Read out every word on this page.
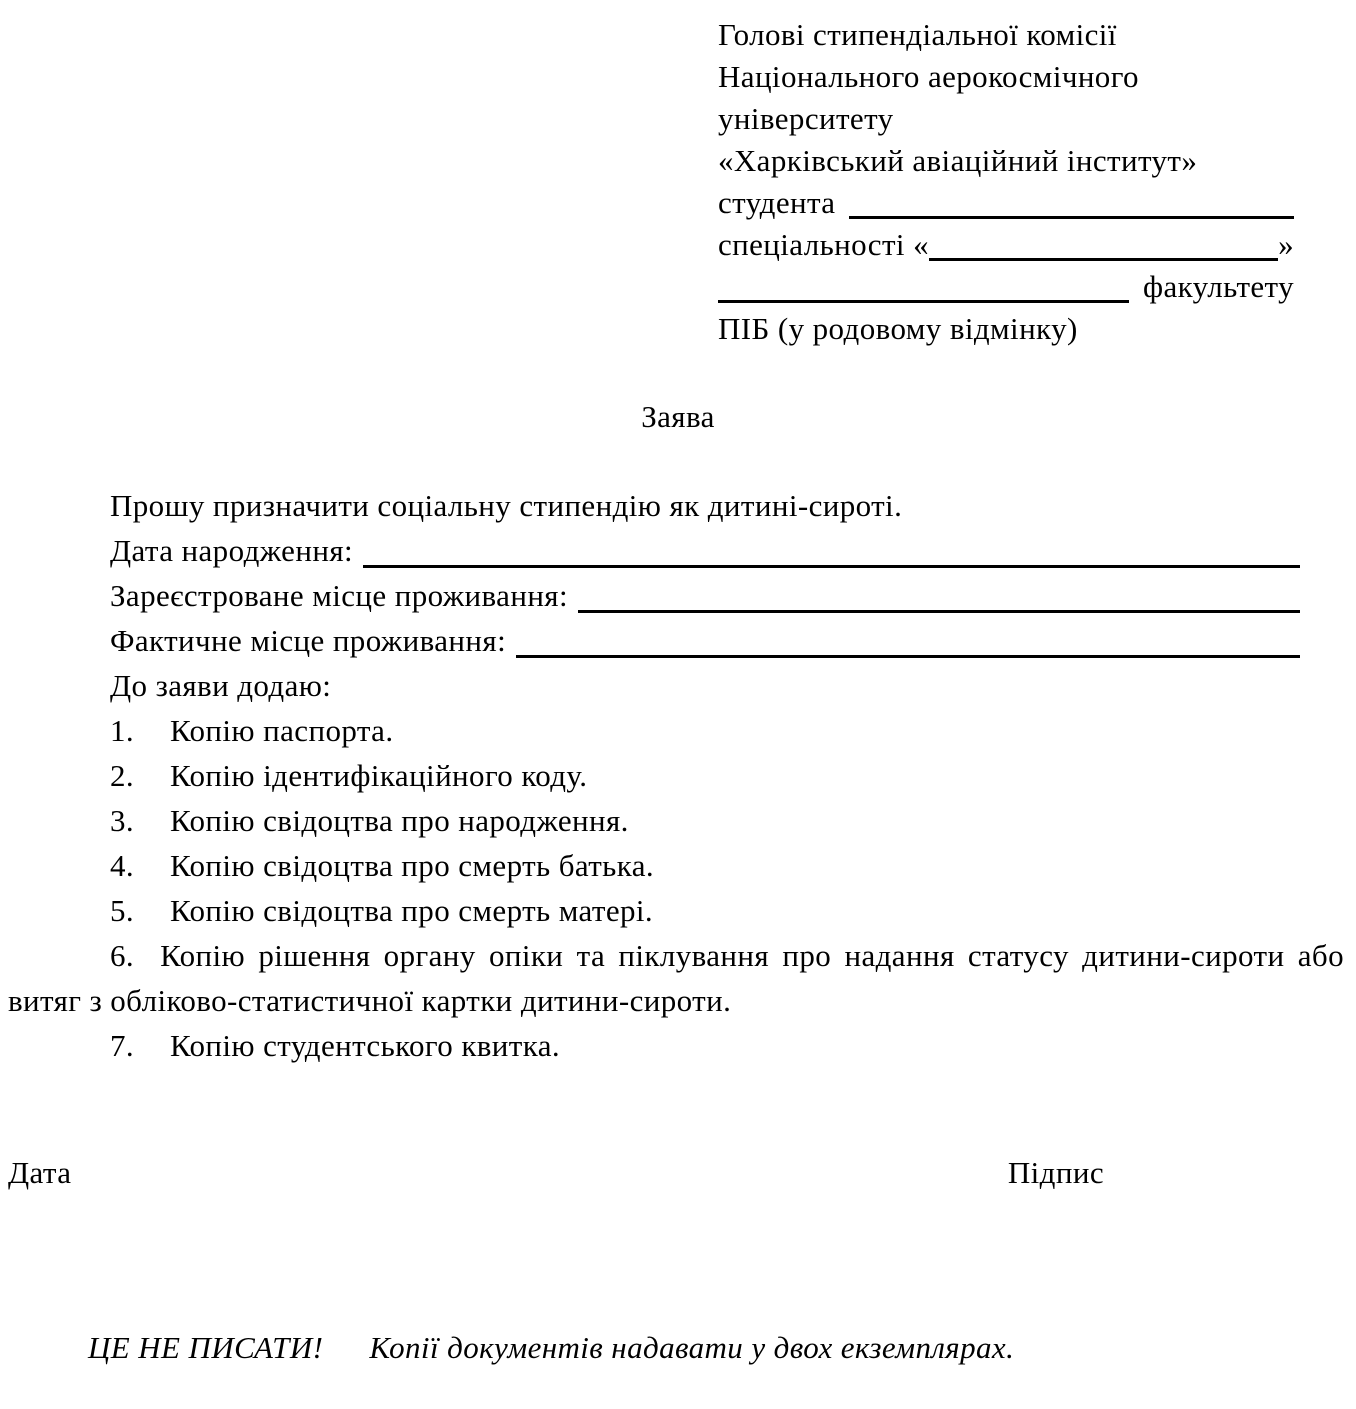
Голові стипендіальної комісії
Національного аерокосмічного
університету
«Харківський авіаційний інститут»
студента
спеціальності «	»
факультету
ПІБ (у родовому відмінку)
Заява
Прошу призначити соціальну стипендію як дитині-сироті.
Дата народження:
Зареєстроване місце проживання:
Фактичне місце проживання:
До заяви додаю:
1.	Копію паспорта.
2.	Копію ідентифікаційного коду.
3.	Копію свідоцтва про народження.
4.	Копію свідоцтва про смерть батька.
5.	Копію свідоцтва про смерть матері.
6. Копію рішення органу опіки та піклування про надання статусу дитини-сироти або витяг з обліково-статистичної картки дитини-сироти.
7.	Копію студентського квитка.
Дата	Підпис
ЦЕ НЕ ПИСАТИ! Копії документів надавати у двох екземплярах.
